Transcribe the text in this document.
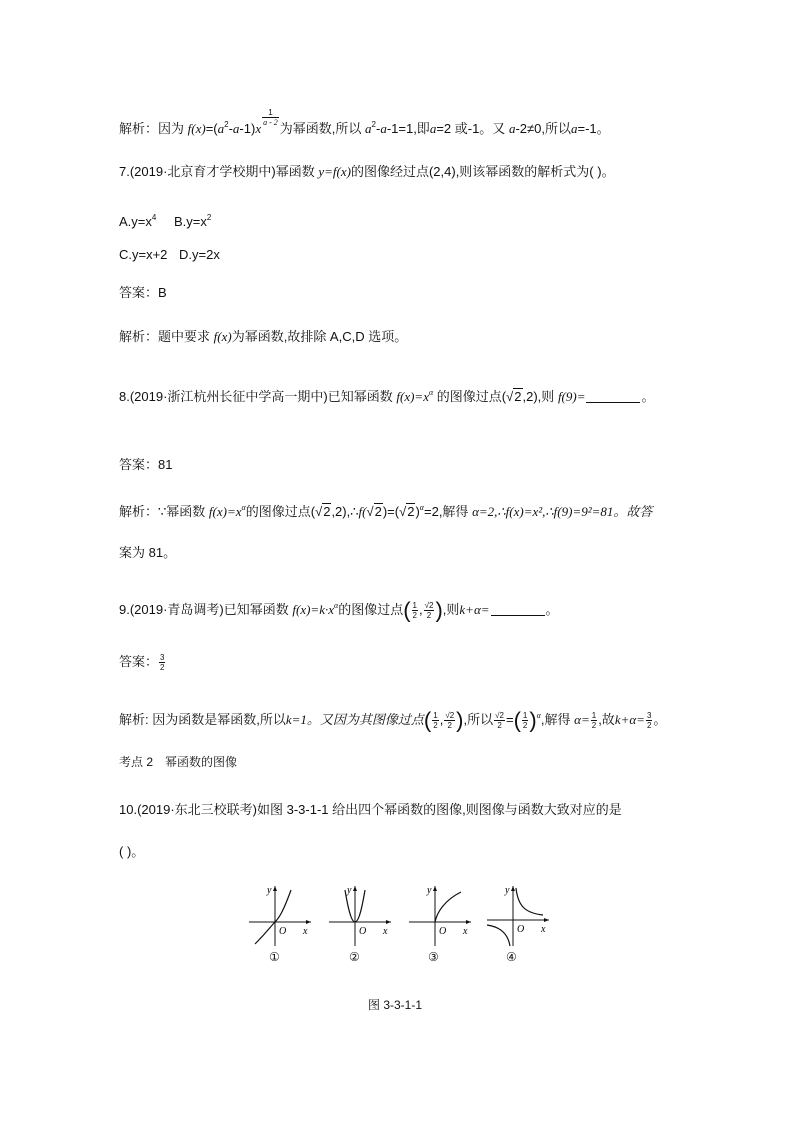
解析：因为 $f(x)=(a^2-a-1)x$
$\frac{1}{a - 2}$
为幂函数,所以 $a^2-a-1=1$,即a=2 或-1。又 a-2≠0,所以a=-1。
7.(2019·北京育才学校期中)幂函数 y=f(x)的图像经过点(2,4),则该幂函数的解析式为( )。
$A.y=x^4$ $B.y=x^2$
C.y=x+2 D.y=2x
答案：B
解析：题中要求 f(x)为幂函数,故排除 A,C,D 选项。
8.(2019·浙江杭州长征中学高一期中)已知幂函数 $f(x)=x^\alpha$ 的图像过点(√2,2),则 f(9)=	。
答案：81
解析：∵幂函数 $f(x)=x^\alpha$的图像过点$(√2,2),\therefore f(√2)=(√2)^\alpha=2$,解得 α=2,∴f(x)=x²,∴f(9)=9²=81。故答
案为 81。
9.(2019·青岛调考)已知幂函数 $f(x)=k\cdot x^\alpha$的图像过点( $\frac{1}{2}$ , $\frac{√2}{2}$ ),则k+α=	。
答案： $\frac{3}{2}$
解析: 因为函数是幂函数,所以k=1。又因为其图像过点( $\frac{1}{2}$ , $\frac{√2}{2}$ ),所以 $\frac{√2}{2}$ =( $\frac{1}{2} )^\alpha$,解得 $\alpha= \frac{1}{2}$ ,故$k+\alpha= \frac{3}{2}$ 。
考点 2 幂函数的图像
10.(2019·东北三校联考)如图 3-3-1-1 给出四个幂函数的图像,则图像与函数大致对应的是
( )。
y
O x
y
O x
y
O x
y
O x
①	②	③	④
图 3-3-1-1
